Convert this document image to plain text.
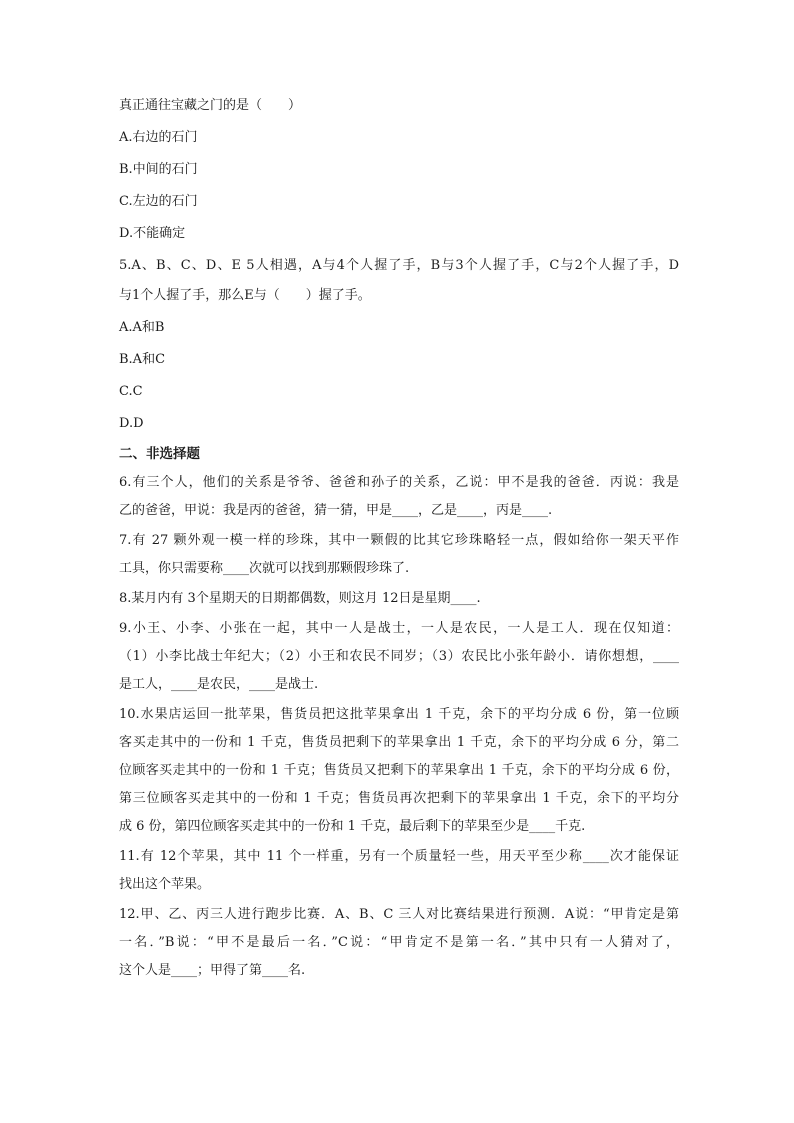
真正通往宝藏之门的是（　　）

A.右边的石门

B.中间的石门

C.左边的石门

D.不能确定

5.A、B、C、D、E 5人相遇，A与4个人握了手，B与3个人握了手，C与2个人握了手，D

与1个人握了手，那么E与（　　）握了手。

A.A和B

B.A和C

C.C

D.D

二、非选择题

6.有三个人，他们的关系是爷爷、爸爸和孙子的关系，乙说：甲不是我的爸爸．丙说：我是

乙的爸爸，甲说：我是丙的爸爸，猜一猜，甲是____，乙是____，丙是____.

7.有 27 颗外观一模一样的珍珠，其中一颗假的比其它珍珠略轻一点，假如给你一架天平作

工具，你只需要称____次就可以找到那颗假珍珠了.

8.某月内有 3个星期天的日期都偶数，则这月 12日是星期____.

9.小王、小李、小张在一起，其中一人是战士，一人是农民，一人是工人．现在仅知道：

（1）小李比战士年纪大；（2）小王和农民不同岁；（3）农民比小张年龄小．请你想想，____

是工人，____是农民，____是战士.

10.水果店运回一批苹果，售货员把这批苹果拿出 1 千克，余下的平均分成 6 份，第一位顾

客买走其中的一份和 1 千克，售货员把剩下的苹果拿出 1 千克，余下的平均分成 6 分，第二

位顾客买走其中的一份和 1 千克；售货员又把剩下的苹果拿出 1 千克，余下的平均分成 6 份，

第三位顾客买走其中的一份和 1 千克；售货员再次把剩下的苹果拿出 1 千克，余下的平均分

成 6 份，第四位顾客买走其中的一份和 1 千克，最后剩下的苹果至少是____千克.

11.有 12个苹果，其中 11 个一样重，另有一个质量轻一些，用天平至少称____次才能保证

找出这个苹果。

12.甲、乙、丙三人进行跑步比赛．A、B、C 三人对比赛结果进行预测．A说：“甲肯定是第

一名．”B说：“甲不是最后一名．”C说：“甲肯定不是第一名．”其中只有一人猜对了，

这个人是____；甲得了第____名.
